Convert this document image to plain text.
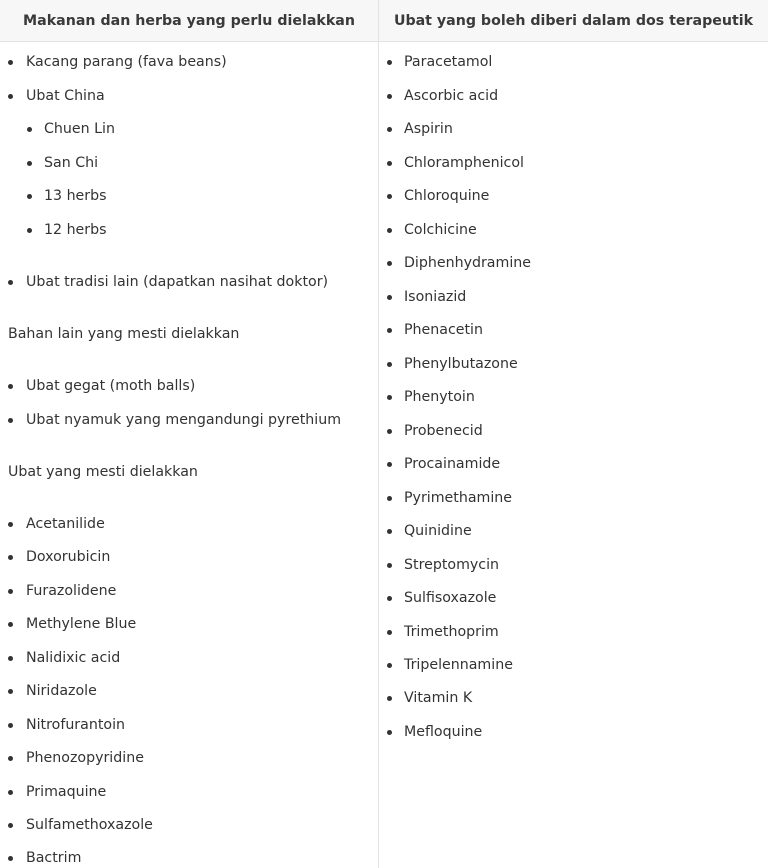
Makanan dan herba yang perlu dielakkan
Kacang parang (fava beans)
Ubat China
Chuen Lin
San Chi
13 herbs
12 herbs
Ubat tradisi lain (dapatkan nasihat doktor)
Bahan lain yang mesti dielakkan
Ubat gegat (moth balls)
Ubat nyamuk yang mengandungi pyrethium
Ubat yang mesti dielakkan
Acetanilide
Doxorubicin
Furazolidene
Methylene Blue
Nalidixic acid
Niridazole
Nitrofurantoin
Phenozopyridine
Primaquine
Sulfamethoxazole
Bactrim
Ubat yang boleh diberi dalam dos terapeutik
Paracetamol
Ascorbic acid
Aspirin
Chloramphenicol
Chloroquine
Colchicine
Diphenhydramine
Isoniazid
Phenacetin
Phenylbutazone
Phenytoin
Probenecid
Procainamide
Pyrimethamine
Quinidine
Streptomycin
Sulfisoxazole
Trimethoprim
Tripelennamine
Vitamin K
Mefloquine
